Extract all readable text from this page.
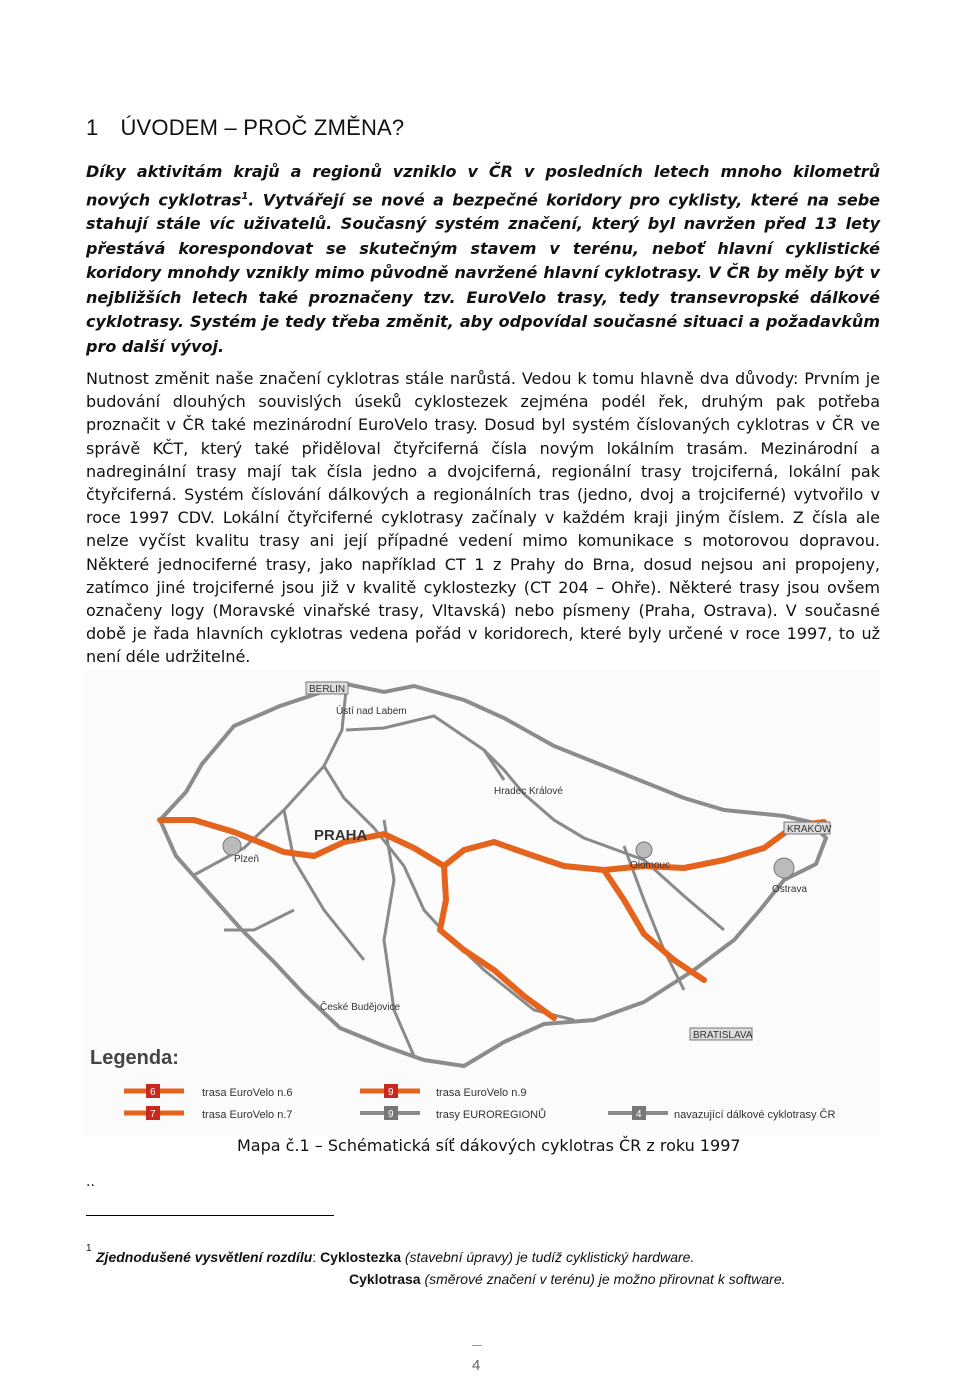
1 ÚVODEM – PROČ ZMĚNA?

Díky aktivitám krajů a regionů vzniklo v ČR v posledních letech mnoho kilometrů nových cyklotras$^1$. Vytvářejí se nové a bezpečné koridory pro cyklisty, které na sebe stahují stále víc uživatelů. Současný systém značení, který byl navržen před 13 lety přestává korespondovat se skutečným stavem v terénu, neboť hlavní cyklistické koridory mnohdy vznikly mimo původně navržené hlavní cyklotrasy. V ČR by měly být v nejbližších letech také proznačeny tzv. EuroVelo trasy, tedy transevropské dálkové cyklotrasy. Systém je tedy třeba změnit, aby odpovídal současné situaci a požadavkům pro další vývoj.

Nutnost změnit naše značení cyklotras stále narůstá. Vedou k tomu hlavně dva důvody: Prvním je budování dlouhých souvislých úseků cyklostezek zejména podél řek, druhým pak potřeba proznačit v ČR také mezinárodní EuroVelo trasy. Dosud byl systém číslovaných cyklotras v ČR ve správě KČT, který také přiděloval čtyřciferná čísla novým lokálním trasám. Mezinárodní a nadregináIní trasy mají tak čísla jedno a dvojciferná, regionální trasy trojciferná, lokální pak čtyřciferná. Systém číslování dálkových a regionálních tras (jedno, dvoj a trojciferné) vytvořilo v roce 1997 CDV. Lokální čtyřciferné cyklotrasy začínaly v každém kraji jiným číslem. Z čísla ale nelze vyčíst kvalitu trasy ani její případné vedení mimo komunikace s motorovou dopravou. Některé jednociferné trasy, jako například CT 1 z Prahy do Brna, dosud nejsou ani propojeny, zatímco jiné trojciferné jsou již v kvalitě cyklostezky (CT 204 – Ohře). Některé trasy jsou ovšem označeny logy (Moravské vinařské trasy, Vltavská) nebo písmeny (Praha, Ostrava). V současné době je řada hlavních cyklotras vedena pořád v koridorech, které byly určené v roce 1997, to už není déle udržitelné.

BERLIN
Ústí nad Labem
Hradec Králové
PRAHA
Plzeň
Olomouc
Ostrava
KRAKÓW
České Budějovice
BRATISLAVA
Legenda:
6	trasa EuroVelo n.6
7	trasa EuroVelo n.7
9	trasa EuroVelo n.9
9	trasy EUROREGIONŮ	4	navazující dálkové cyklotrasy ČR
Mapa č.1 – Schématická síť dákových cyklotras ČR z roku 1997
..
1
Zjednodušené vysvětlení rozdílu: Cyklostezka (stavební úpravy) je tudíž cyklistický hardware.
Cyklotrasa (směrové značení v terénu) je možno přirovnat k software.
4
